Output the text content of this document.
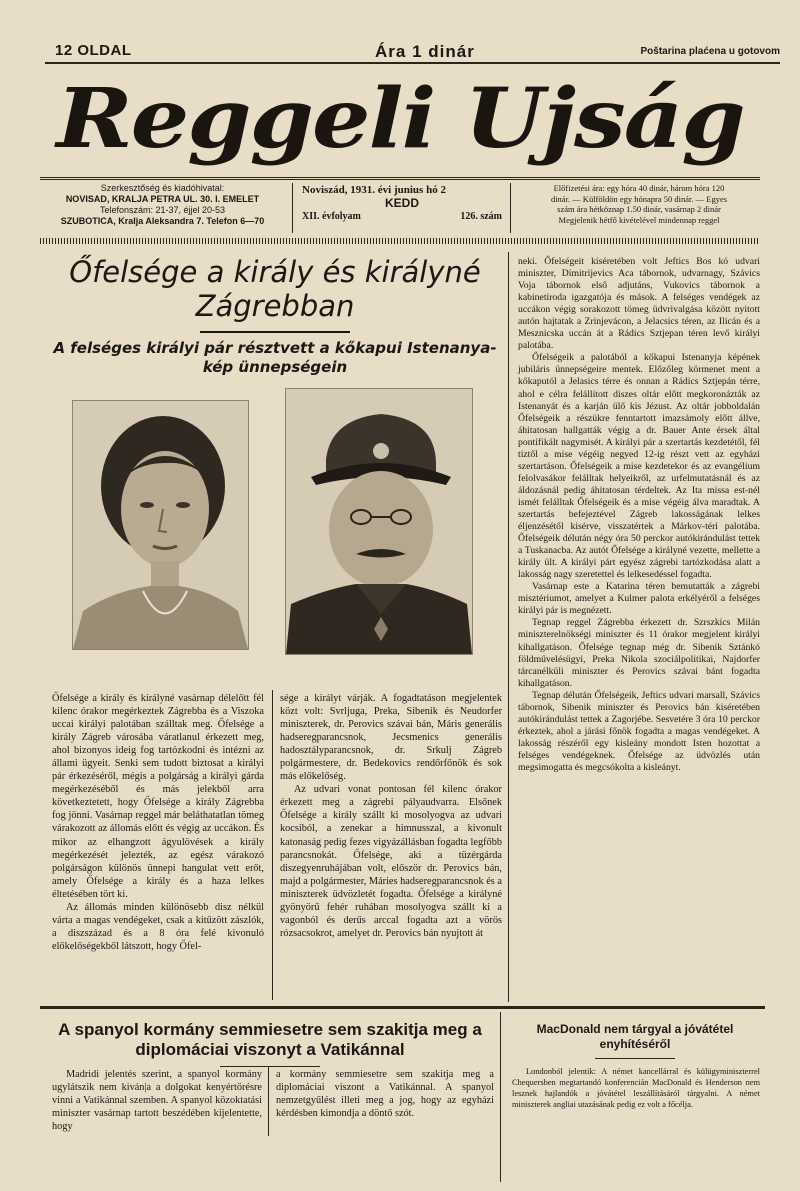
12 OLDAL	Ára 1 dinár	Poštarina plaćena u gotovom
Reggeli Ujság
Szerkesztőség és kiadóhivatal:
NOVISAD, KRALJA PETRA UL. 30. I. EMELET
Telefonszám: 21-37, éjjel 20-53
SZUBOTICA, Kralja Aleksandra 7. Telefon 6—70
Noviszád, 1931. évi junius hó 2
KEDD
XII. évfolyam	126. szám
Előfizetési ára: egy hóra 40 dinár, három hóra 120
dinár. — Külföldön egy hónapra 50 dinár. — Egyes
szám ára hétköznap 1.50 dinár, vasárnap 2 dinár
Megjelenik hétfő kivételével mindennap reggel
Őfelsége a király és királyné Zágrebban
A felséges királyi pár résztvett a kőkapui Istenanya-kép ünnepségein

Őfelsége a király és királyné vasárnap délelőtt fél kilenc órakor megérkeztek Zágrebba és a Viszoka uccai királyi palotában szálltak meg. Őfelsége a király Zágreb városába váratlanul érkezett meg, ahol bizonyos ideig fog tartózkodni és intézni az állami ügyeit. Senki sem tudott biztosat a királyi pár érkezéséről, mégis a polgárság a királyi gárda megérkezéséből és más jelekből arra következtetett, hogy Őfelsége a király Zágrebba fog jönni. Vasárnap reggel már beláthatatlan tömeg várakozott az állomás előtt és végig az uccákon. És mikor az elhangzott ágyulövések a király megérkezését jelezték, az egész várakozó polgárságon különös ünnepi hangulat vett erőt, amely Őfelsége a király és a haza lelkes éltetésében tört ki.

Az állomás minden különösebb disz nélkül várta a magas vendégeket, csak a kitűzött zászlók, a diszszázad és a 8 óra felé kivonuló előkelőségekből látszott, hogy Őfel-

sége a királyt várják. A fogadtatáson megjelentek közt volt: Svrljuga, Preka, Sibenik és Neudorfer miniszterek, dr. Perovics szávai bán, Máris generális hadseregparancsnok, Jecsmenics generális hadosztályparancsnok, dr. Srkulj Zágreb polgármestere, dr. Bedekovics rendőrfőnök és sok más előkelőség.

Az udvari vonat pontosan fél kilenc órakor érkezett meg a zágrebi pályaudvarra. Elsőnek Őfelsége a király szállt ki mosolyogva az udvari kocsiból, a zenekar a himnusszal, a kivonult katonaság pedig fezes vigyázállásban fogadta legfőbb parancsnokát. Őfelsége, aki a tüzérgárda diszegyenruhájában volt, először dr. Perovics bán, majd a polgármester, Máries hadseregparancsnok és a miniszterek üdvözletét fogadta. Őfelsége a királyné gyönyörű fehér ruhában mosolyogva szállt ki a vagonból és derűs arccal fogadta azt a vörös rózsacsokrot, amelyet dr. Perovics bán nyujtott át

neki. Őfelségeit kiséretében volt Jeftics Bos kó udvari miniszter, Dimitrijevics Aca tábornok, udvarnagy, Szávics Voja tábornok első adjutáns, Vukovics tábornok a kabinetiroda igazgatója és mások. A felséges vendégek az uccákon végig sorakozott tömeg üdvrivalgása között nyitott autón hajtatak a Zrinjevácon, a Jelacsics téren, az Ilicán és a Mesznicska uccán át a Rádics Sztjepan téren levő királyi palotába.

Őfelségeik a palotából a kőkapui Istenanyja képének jubiláris ünnepségeire mentek. Előzőleg körmenet ment a kőkaputól a Jelasics térre és onnan a Rádics Sztjepán térre, ahol e célra felállított diszes oltár előtt megkoronázták az Istenanyát és a karján ülő kis Jézust. Az oltár jobboldalán Őfelségeik a részükre fenntartott imazsámoly előtt állve, áhitatosan hallgatták végig a dr. Bauer Ante érsek által pontifikált nagymisét. A királyi pár a szertartás kezdetétől, fél tíztől a mise végéig negyed 12-ig részt vett az egyházi szertartáson. Őfelségeik a mise kezdetekor és az evangélium felolvasákor felálltak helyeikről, az urfelmutatásnál és az áldozásnál pedig áhitatosan térdeltek. Az Ita missa est-nél ismét felálltak Őfelségeik és a mise végéig álva maradtak. A szertartás befejeztével Zágreb lakosságának lelkes éljenzésétől kisérve, visszatértek a Márkov-téri palotába. Őfelségeik délután négy óra 50 perckor autókirándulást tettek a Tuskanacba. Az autót Őfelsége a királyné vezette, mellette a király ült. A királyi párt egyész zágrebi tartózkodása alatt a lakosság nagy szeretettel és lelkesedéssel fogadta.

Vasárnap este a Katarina téren bemutatták a zágrebi misztériumot, amelyet a Kulmer palota erkélyéről a felséges királyi pár is megnézett.

Tegnap reggel Zágrebba érkezett dr. Szrszkics Milán miniszterelnökségi miniszter és 11 órakor megjelent királyi kihallgatáson. Őfelsége tegnap még dr. Sibenik Sztánkó földművelésügyi, Preka Nikola szociálpolitikai, Najdorfer tárcanélküli miniszter és Perovics szávai bánt fogadta kihallgatáson.

Tegnap délután Őfelségeik, Jeftics udvari marsall, Szávics tábornok, Sibenik miniszter és Perovics bán kiséretében autókirándulást tettek a Zagorjébe. Sesvetére 3 óra 10 perckor érkeztek, ahol a járási főnök fogadta a magas vendégeket. A lakosság részéről egy kisleány mondott Isten hozottat a felséges vendégeknek. Őfelsége az üdvözlés után megsimogatta és megcsókolta a kisleányt.

A spanyol kormány semmiesetre sem szakitja meg a diplomáciai viszonyt a Vatikánnal

Madridi jelentés szerint, a spanyol kormány ugylátszik nem kiván|a a dolgokat kenyértörésre vinni a Vatikánnal szemben. A spanyol közoktatási miniszter vasárnap tartott beszédében kijelentette, hogy

a kormány semmiesetre sem szakitja meg a diplomáciai viszont a Vatikánnal. A spanyol nemzetgyűlést illeti meg a jog, hogy az egyházi kérdésben kimondja a döntő szót.

MacDonald nem tárgyal a jóvátétel enyhítéséről

Londonból jelentik: A német kancellárral és külügyminiszterrel Chequersben megtartandó konferencián MacDonald és Henderson nem lesznek hajlandók a jóvátétel leszállításáról tárgyalni. A német miniszterek angliai utazásának pedig ez volt a főcélja.
